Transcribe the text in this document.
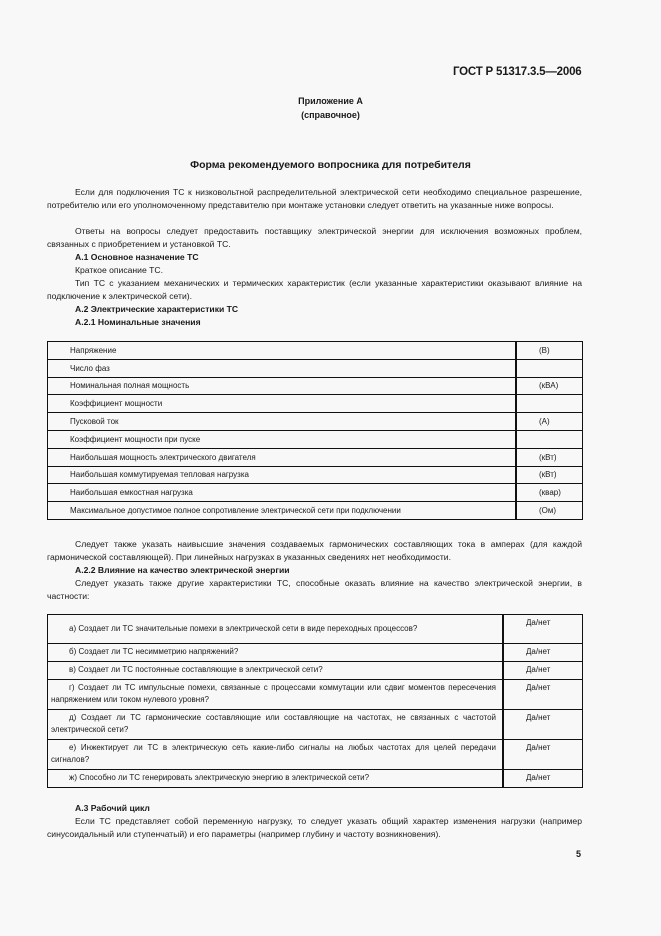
ГОСТ Р 51317.3.5—2006
Приложение А
(справочное)
Форма рекомендуемого вопросника для потребителя
Если для подключения ТС к низковольтной распределительной электрической сети необходимо специальное разрешение, потребителю или его уполномоченному представителю при монтаже установки следует ответить на указанные ниже вопросы.
Ответы на вопросы следует предоставить поставщику электрической энергии для исключения возможных проблем, связанных с приобретением и установкой ТС.
А.1 Основное назначение ТС
Краткое описание ТС.
Тип ТС с указанием механических и термических характеристик (если указанные характеристики оказывают влияние на подключение к электрической сети).
А.2 Электрические характеристики ТС
А.2.1 Номинальные значения
Напряжение	(В)
Число фаз	
Номинальная полная мощность	(кВА)
Коэффициент мощности	
Пусковой ток	(А)
Коэффициент мощности при пуске	
Наибольшая мощность электрического двигателя	(кВт)
Наибольшая коммутируемая тепловая нагрузка	(кВт)
Наибольшая емкостная нагрузка	(квар)
Максимальное допустимое полное сопротивление электрической сети при подключении	(Ом)
Следует также указать наивысшие значения создаваемых гармонических составляющих тока в амперах (для каждой гармонической составляющей). При линейных нагрузках в указанных сведениях нет необходимости.
А.2.2 Влияние на качество электрической энергии
Следует указать также другие характеристики ТС, способные оказать влияние на качество электрической энергии, в частности:
а) Создает ли ТС значительные помехи в электрической сети в виде переходных процессов?	Да/нет
б) Создает ли ТС несимметрию напряжений?	Да/нет
в) Создает ли ТС постоянные составляющие в электрической сети?	Да/нет
г) Создает ли ТС импульсные помехи, связанные с процессами коммутации или сдвиг моментов пересечения напряжением или током нулевого уровня?	Да/нет
д) Создает ли ТС гармонические составляющие или составляющие на частотах, не связанных с частотой электрической сети?	Да/нет
е) Инжектирует ли ТС в электрическую сеть какие-либо сигналы на любых частотах для целей передачи сигналов?	Да/нет
ж) Способно ли ТС генерировать электрическую энергию в электрической сети?	Да/нет
А.3 Рабочий цикл
Если ТС представляет собой переменную нагрузку, то следует указать общий характер изменения нагрузки (например синусоидальный или ступенчатый) и его параметры (например глубину и частоту возникновения).
5
